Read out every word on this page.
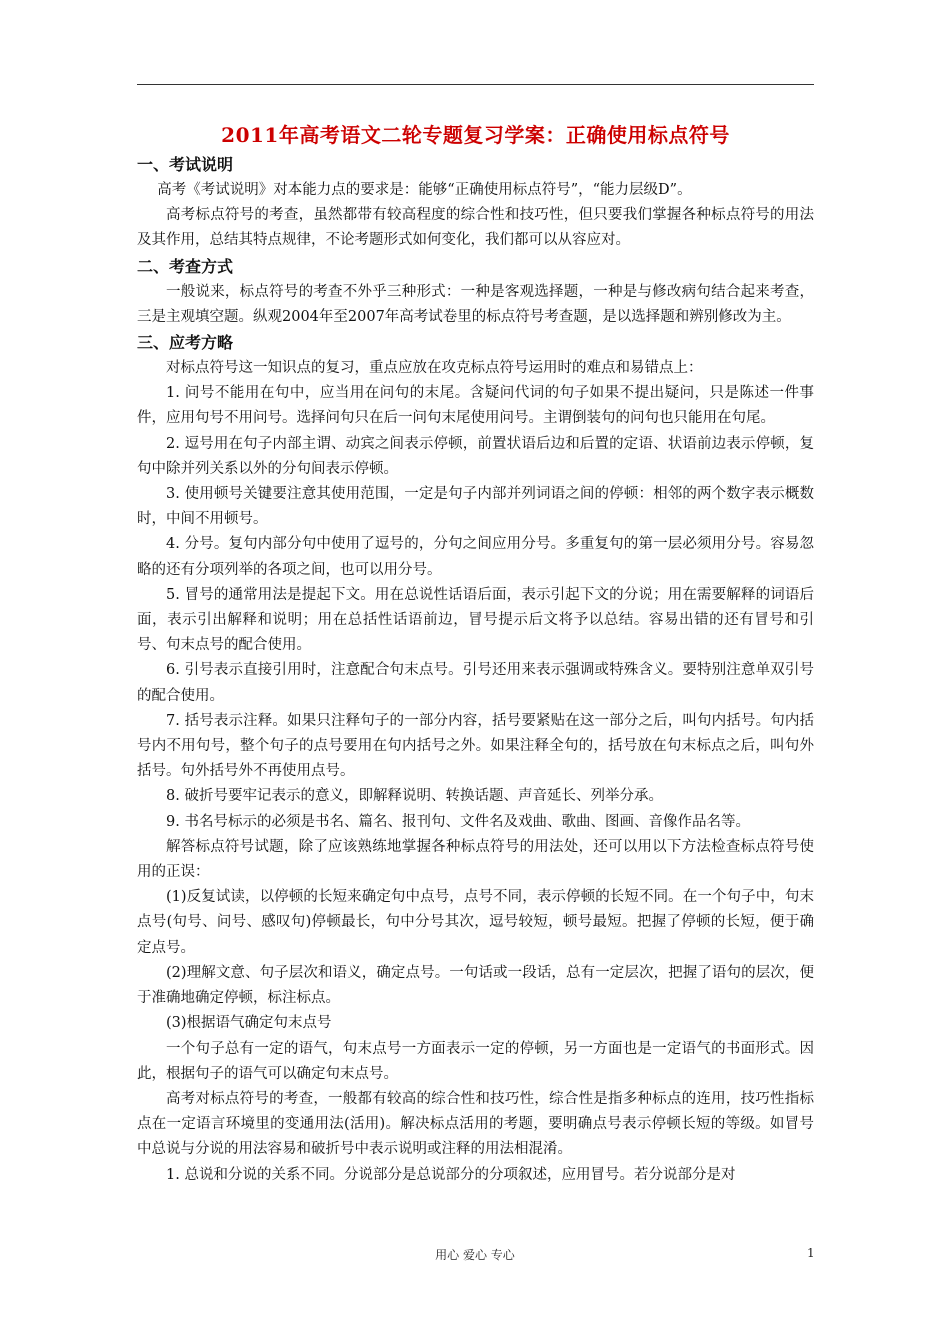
2011年高考语文二轮专题复习学案：正确使用标点符号
一、考试说明

高考《考试说明》对本能力点的要求是：能够“正确使用标点符号”，“能力层级D”。

高考标点符号的考查，虽然都带有较高程度的综合性和技巧性，但只要我们掌握各种标点符号的用法及其作用，总结其特点规律，不论考题形式如何变化，我们都可以从容应对。

二、考查方式

一般说来，标点符号的考查不外乎三种形式：一种是客观选择题，一种是与修改病句结合起来考查，三是主观填空题。纵观2004年至2007年高考试卷里的标点符号考查题，是以选择题和辨别修改为主。

三、应考方略

对标点符号这一知识点的复习，重点应放在攻克标点符号运用时的难点和易错点上：

1. 问号不能用在句中，应当用在问句的末尾。含疑问代词的句子如果不提出疑问，只是陈述一件事件，应用句号不用问号。选择问句只在后一问句末尾使用问号。主谓倒装句的问句也只能用在句尾。

2. 逗号用在句子内部主谓、动宾之间表示停顿，前置状语后边和后置的定语、状语前边表示停顿，复句中除并列关系以外的分句间表示停顿。

3. 使用顿号关键要注意其使用范围，一定是句子内部并列词语之间的停顿：相邻的两个数字表示概数时，中间不用顿号。

4. 分号。复句内部分句中使用了逗号的，分句之间应用分号。多重复句的第一层必须用分号。容易忽略的还有分项列举的各项之间，也可以用分号。

5. 冒号的通常用法是提起下文。用在总说性话语后面，表示引起下文的分说；用在需要解释的词语后面，表示引出解释和说明；用在总括性话语前边，冒号提示后文将予以总结。容易出错的还有冒号和引号、句末点号的配合使用。

6. 引号表示直接引用时，注意配合句末点号。引号还用来表示强调或特殊含义。要特别注意单双引号的配合使用。

7. 括号表示注释。如果只注释句子的一部分内容，括号要紧贴在这一部分之后，叫句内括号。句内括号内不用句号，整个句子的点号要用在句内括号之外。如果注释全句的，括号放在句末标点之后，叫句外括号。句外括号外不再使用点号。

8. 破折号要牢记表示的意义，即解释说明、转换话题、声音延长、列举分承。

9. 书名号标示的必须是书名、篇名、报刊句、文件名及戏曲、歌曲、图画、音像作品名等。

解答标点符号试题，除了应该熟练地掌握各种标点符号的用法处，还可以用以下方法检查标点符号使用的正误：

(1)反复试读，以停顿的长短来确定句中点号，点号不同，表示停顿的长短不同。在一个句子中，句末点号(句号、问号、感叹句)停顿最长，句中分号其次，逗号较短，顿号最短。把握了停顿的长短，便于确定点号。

(2)理解文意、句子层次和语义，确定点号。一句话或一段话，总有一定层次，把握了语句的层次，便于准确地确定停顿，标注标点。

(3)根据语气确定句末点号

一个句子总有一定的语气，句末点号一方面表示一定的停顿，另一方面也是一定语气的书面形式。因此，根据句子的语气可以确定句末点号。

高考对标点符号的考查，一般都有较高的综合性和技巧性，综合性是指多种标点的连用，技巧性指标点在一定语言环境里的变通用法(活用)。解决标点活用的考题，要明确点号表示停顿长短的等级。如冒号中总说与分说的用法容易和破折号中表示说明或注释的用法相混淆。

1. 总说和分说的关系不同。分说部分是总说部分的分项叙述，应用冒号。若分说部分是对

用心 爱心 专心	1
